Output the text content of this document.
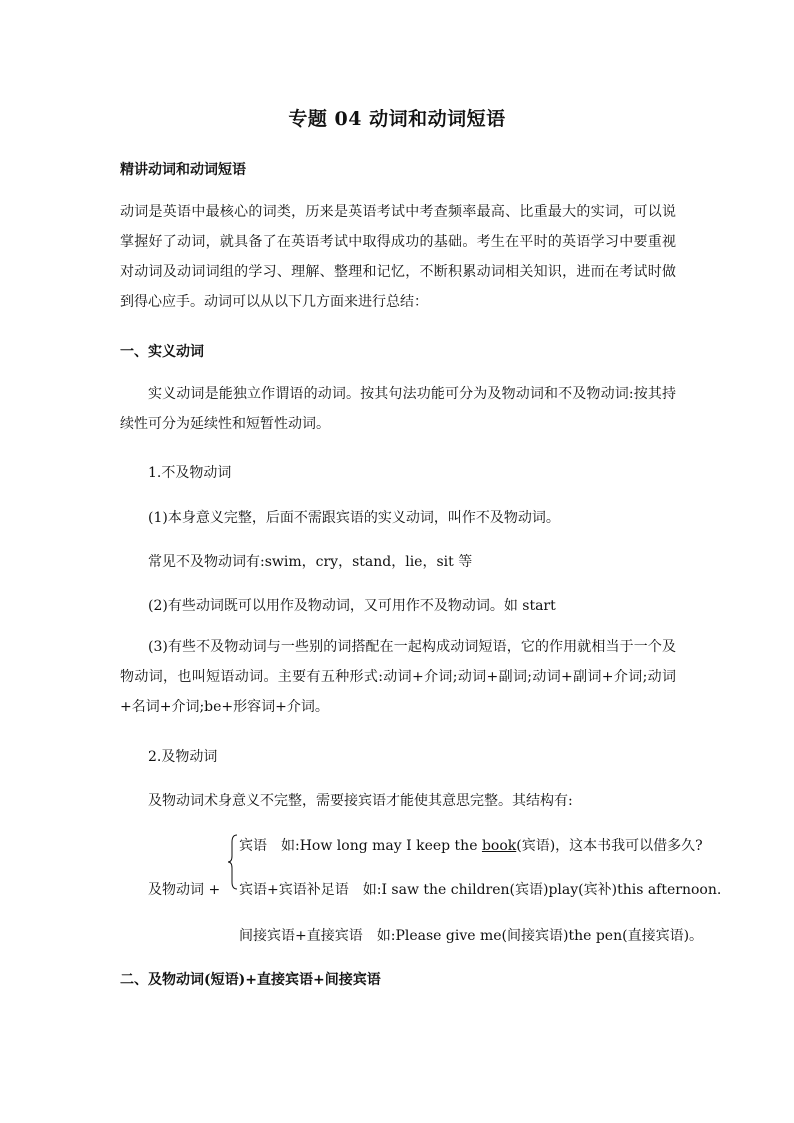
专题 04 动词和动词短语
精讲动词和动词短语
动词是英语中最核心的词类，历来是英语考试中考查频率最高、比重最大的实词，可以说掌握好了动词，就具备了在英语考试中取得成功的基础。考生在平时的英语学习中要重视对动词及动词词组的学习、理解、整理和记忆，不断积累动词相关知识，进而在考试时做到得心应手。动词可以从以下几方面来进行总结：
一、实义动词
实义动词是能独立作谓语的动词。按其句法功能可分为及物动词和不及物动词:按其持续性可分为延续性和短暂性动词。
1.不及物动词
(1)本身意义完整，后面不需跟宾语的实义动词，叫作不及物动词。
常见不及物动词有:swim，cry，stand，lie，sit 等
(2)有些动词既可以用作及物动词，又可用作不及物动词。如 start
(3)有些不及物动词与一些别的词搭配在一起构成动词短语，它的作用就相当于一个及物动词，也叫短语动词。主要有五种形式:动词+介词;动词+副词;动词+副词+介词;动词+名词+介词;be+形容词+介词。
2.及物动词
及物动词术身意义不完整，需要接宾语才能使其意思完整。其结构有:
宾语 如:How long may I keep the book(宾语)，这本书我可以借多久?
及物动词 + 宾语+宾语补足语 如:I saw the children(宾语)play(宾补)this afternoon.
间接宾语+直接宾语 如:Please give me(间接宾语)the pen(直接宾语)。
二、及物动词(短语)+直接宾语+间接宾语
